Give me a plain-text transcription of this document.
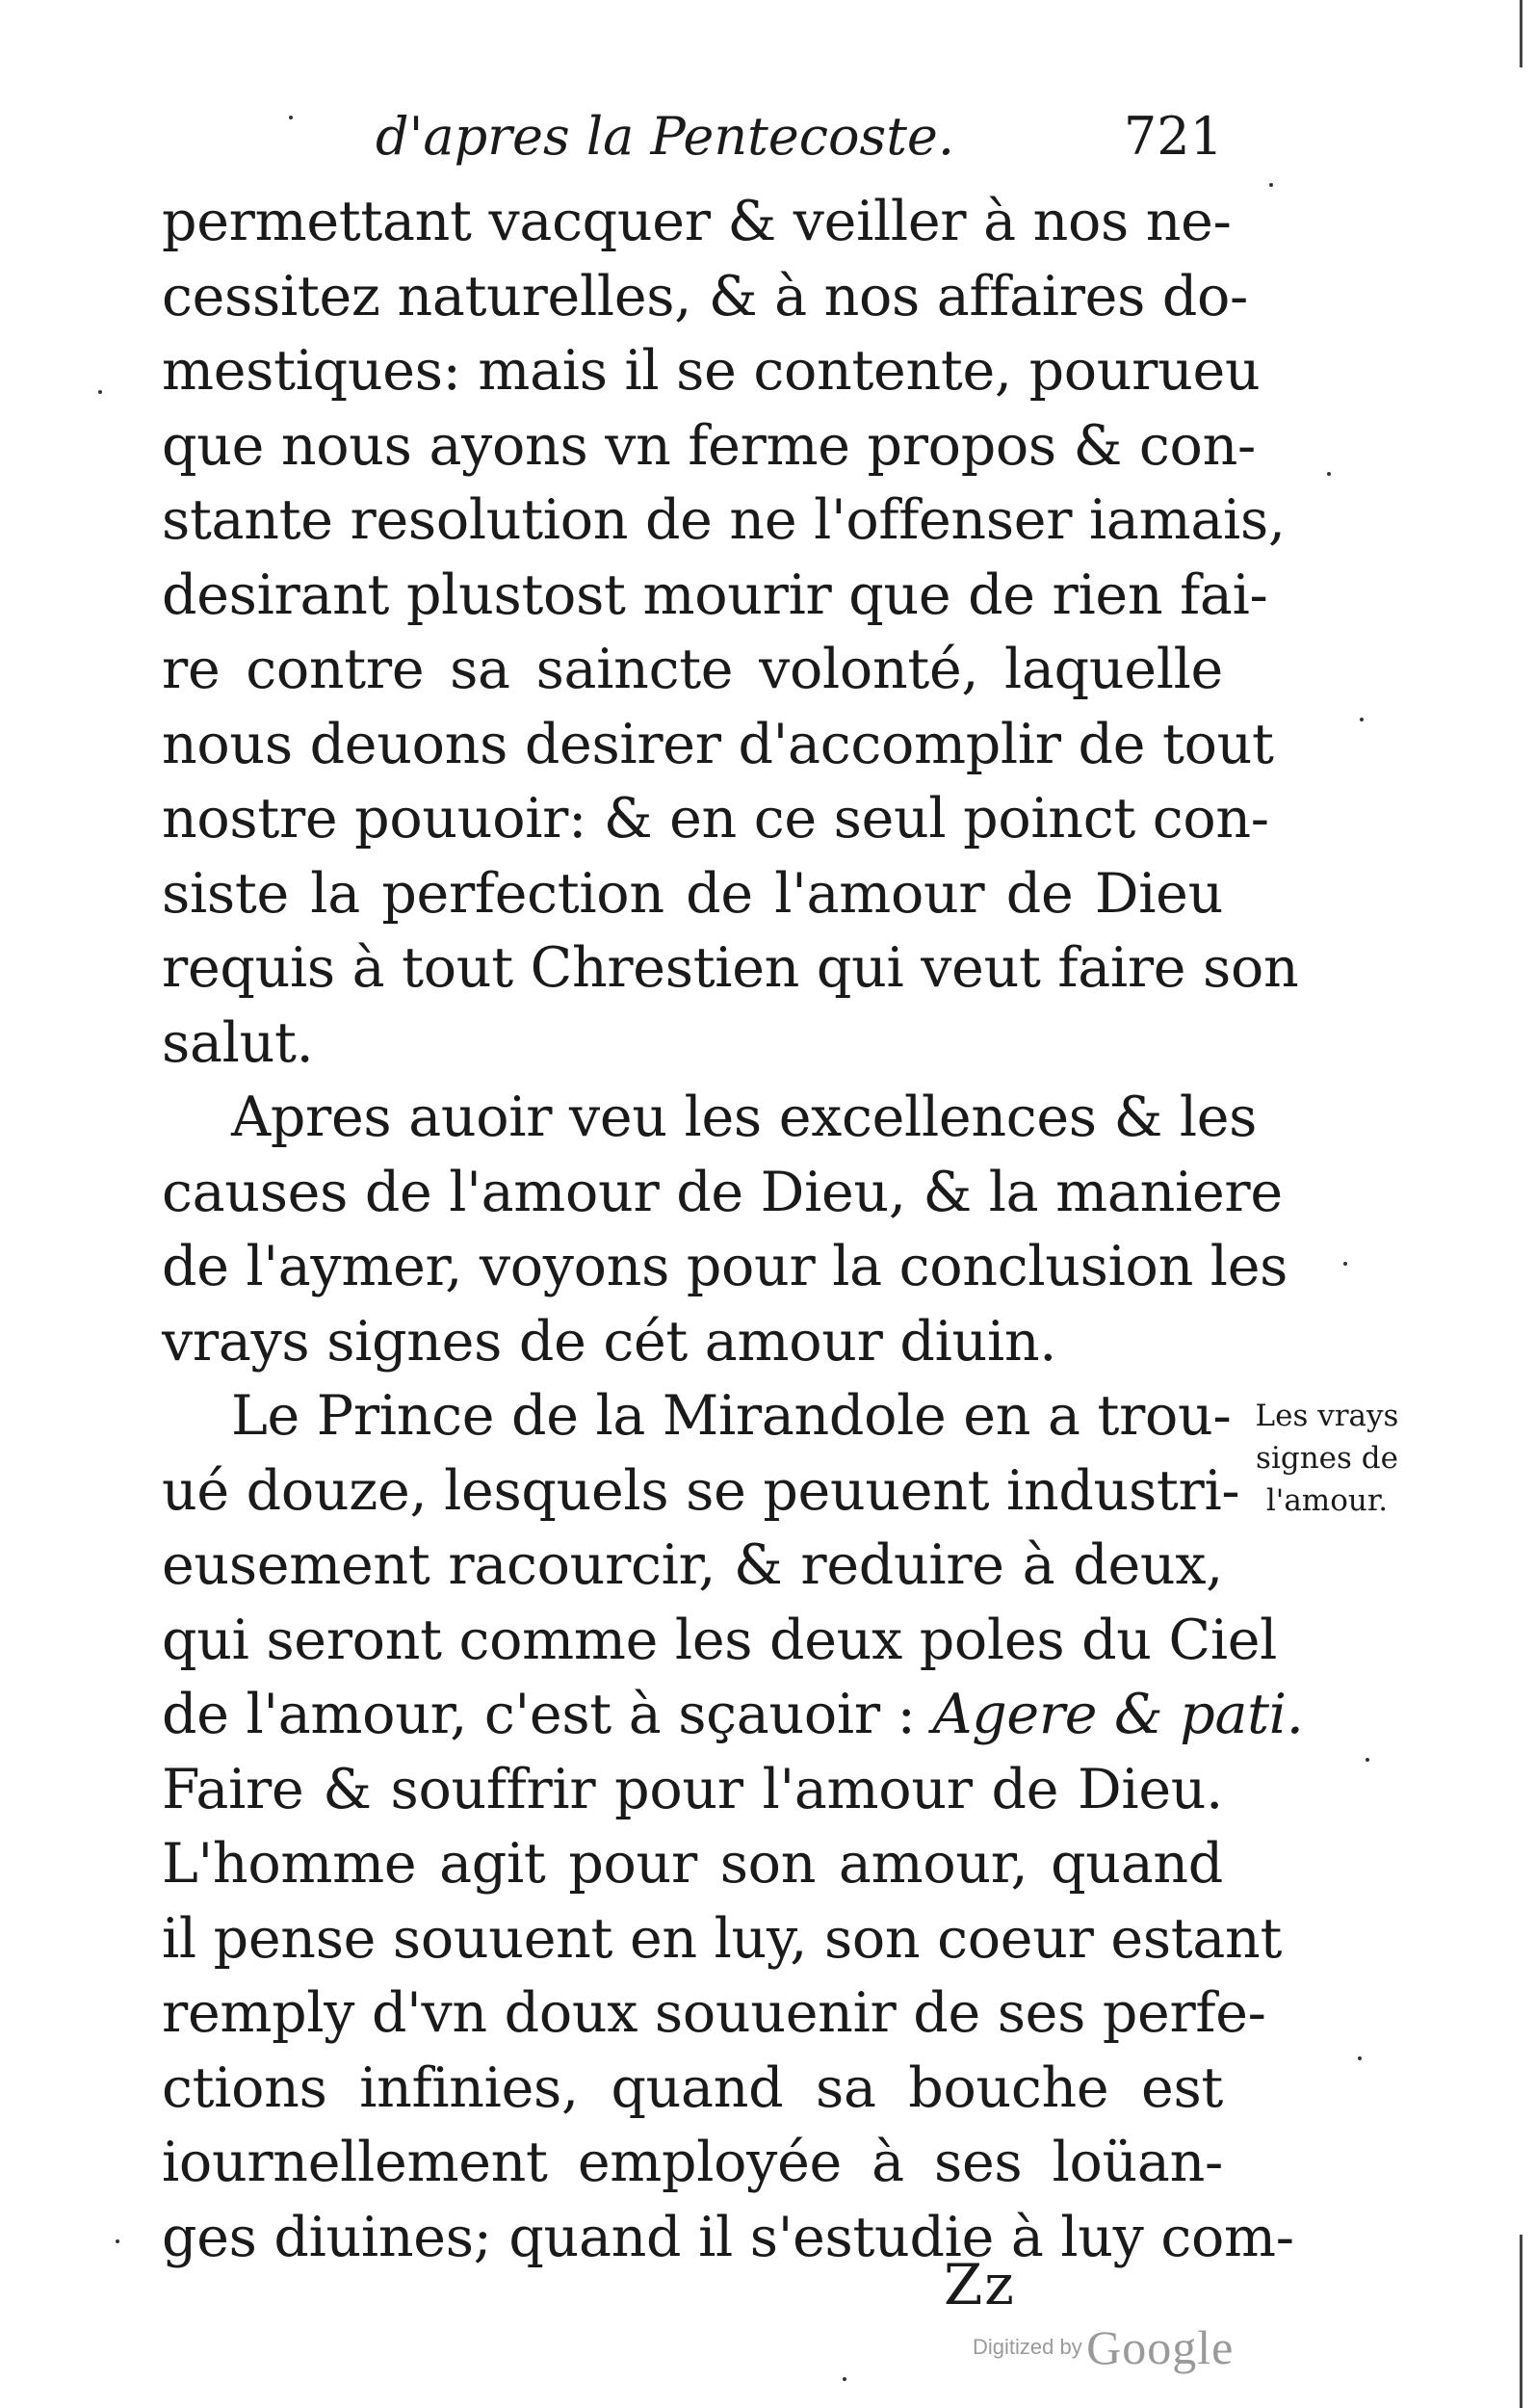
d'apres la Pentecoste.	721
permettant vacquer & veiller à nos ne-
cessitez naturelles, & à nos affaires do-
mestiques: mais il se contente, pourueu
que nous ayons vn ferme propos & con-
stante resolution de ne l'offenser iamais,
desirant plustost mourir que de rien fai-
re contre sa saincte volonté, laquelle
nous deuons desirer d'accomplir de tout
nostre pouuoir: & en ce seul poinct con-
siste la perfection de l'amour de Dieu
requis à tout Chrestien qui veut faire son
salut.
Apres auoir veu les excellences & les
causes de l'amour de Dieu, & la maniere
de l'aymer, voyons pour la conclusion les
vrays signes de cét amour diuin.
Le Prince de la Mirandole en a trou-
ué douze, lesquels se peuuent industri-
eusement racourcir, & reduire à deux,
qui seront comme les deux poles du Ciel
de l'amour, c'est à sçauoir : Agere & pati.
Faire & souffrir pour l'amour de Dieu.
L'homme agit pour son amour, quand
il pense souuent en luy, son coeur estant
remply d'vn doux souuenir de ses perfe-
ctions infinies, quand sa bouche est
iournellement employée à ses loüan-
ges diuines; quand il s'estudie à luy com-
Les vrays
signes de
l'amour.
Zz
Digitized by Google
